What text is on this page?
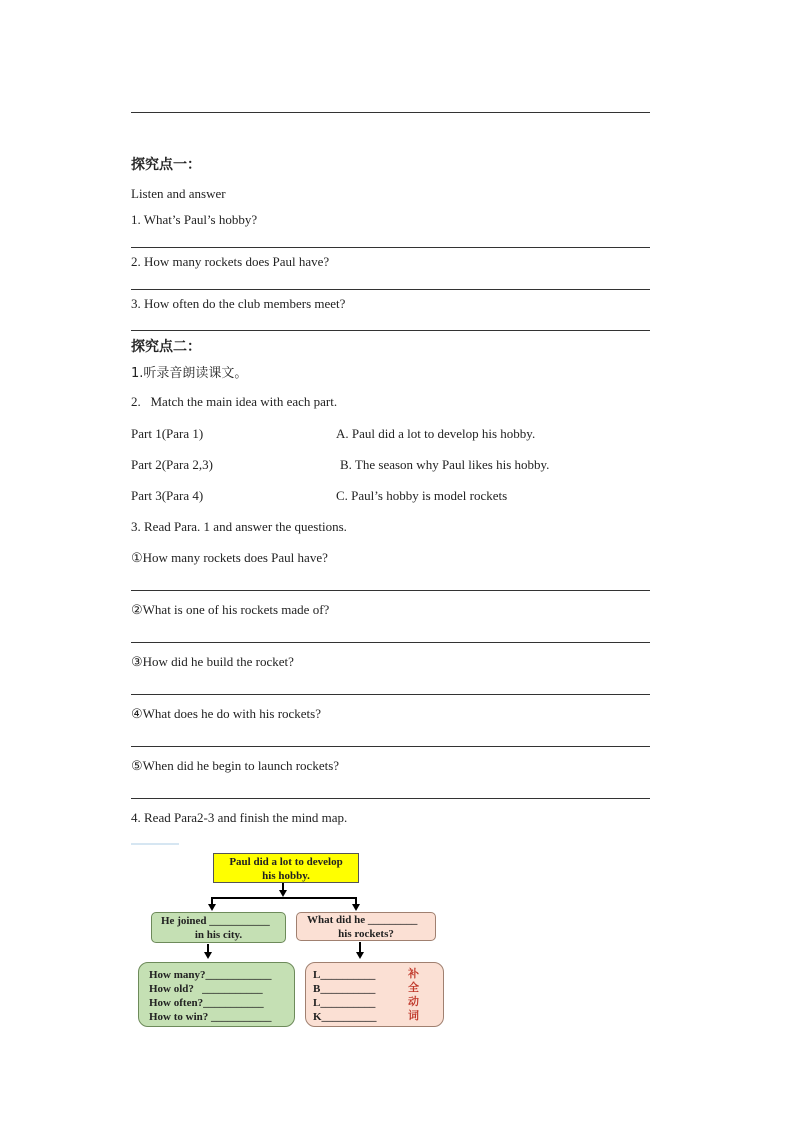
探究点一：
Listen and answer
1. What’s Paul’s hobby?
2. How many rockets does Paul have?
3. How often do the club members meet?
探究点二：
1.听录音朗读课文。
2.   Match the main idea with each part.
Part 1(Para 1)	A. Paul did a lot to develop his hobby.
Part 2(Para 2,3)	B. The season why Paul likes his hobby.
Part 3(Para 4)	C. Paul’s hobby is model rockets
3. Read Para. 1 and answer the questions.
①How many rockets does Paul have?
②What is one of his rockets made of?
③How did he build the rocket?
④What does he do with his rockets?
⑤When did he begin to launch rockets?
4. Read Para2-3 and finish the mind map.
Paul did a lot to develop
his hobby.
He joined ___________
in his city.
What did he _________
his rockets?
How many?____________
How old?   ___________
How often?___________
How to win? ___________
L__________
B__________
L__________
K__________
补
全
动
词
